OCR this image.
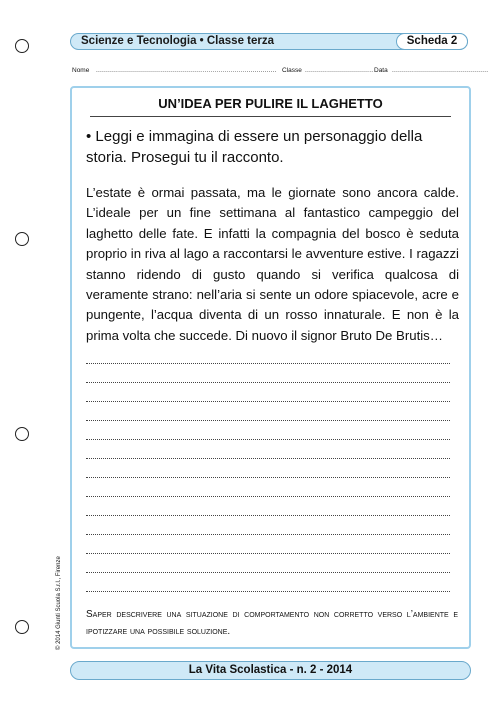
Scienze e Tecnologia • Classe terza	Scheda 2
Nome .......................................................................................... Classe .................................. Data ................................................
UN’IDEA PER PULIRE IL LAGHETTO
• Leggi e immagina di essere un personaggio della storia. Prosegui tu il racconto.
L’estate è ormai passata, ma le giornate sono ancora calde. L’ideale per un fine settimana al fantastico campeggio del laghetto delle fate. E infatti la compagnia del bosco è seduta proprio in riva al lago a raccontarsi le avventure estive. I ragazzi stanno ridendo di gusto quando si verifica qualcosa di veramente strano: nell’aria si sente un odore spiacevole, acre e pungente, l’acqua diventa di un rosso innaturale. E non è la prima volta che succede. Di nuovo il signor Bruto De Brutis…
Saper descrivere una situazione di comportamento non corretto verso l’ambiente e ipotizzare una possibile soluzione.
© 2014 Giunti Scuola S.r.l., Firenze
La Vita Scolastica - n. 2 - 2014
